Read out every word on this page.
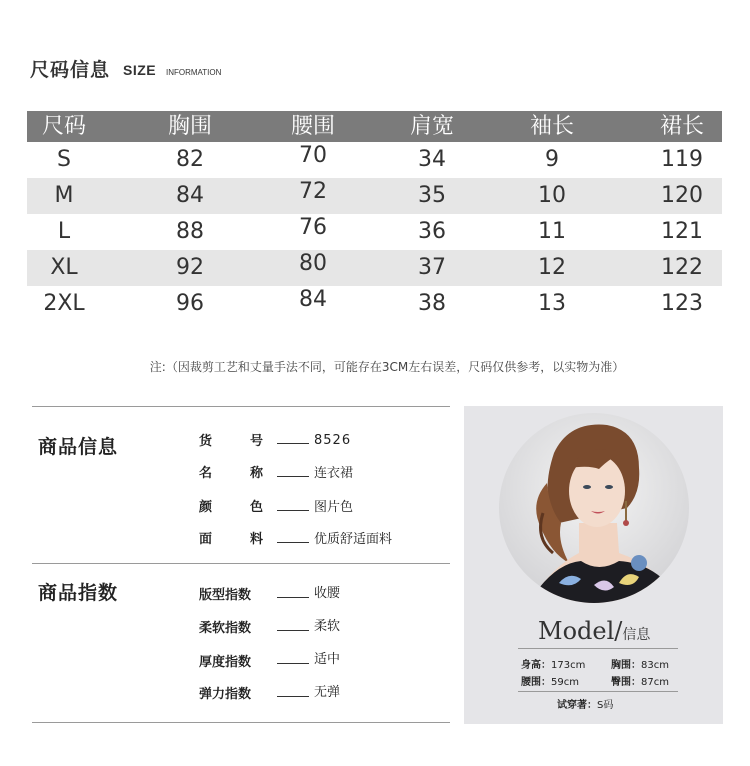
尺码信息 SIZE INFORMATION
尺码	胸围	腰围	肩宽	袖长	裙长
S	82	70	34	9	119
M	84	72	35	10	120
L	88	76	36	11	121
XL	92	80	37	12	122
2XL	96	84	38	13	123
注:（因裁剪工艺和丈量手法不同，可能存在3CM左右误差，尺码仅供参考，以实物为准）
商品信息	货号	8526
名称	连衣裙
颜色	图片色
面料	优质舒适面料
商品指数	版型指数	收腰
柔软指数	柔软
厚度指数	适中
弹力指数	无弹
Model/信息
身高：173cm	胸围：83cm
腰围：59cm	臀围：87cm
试穿著：S码
